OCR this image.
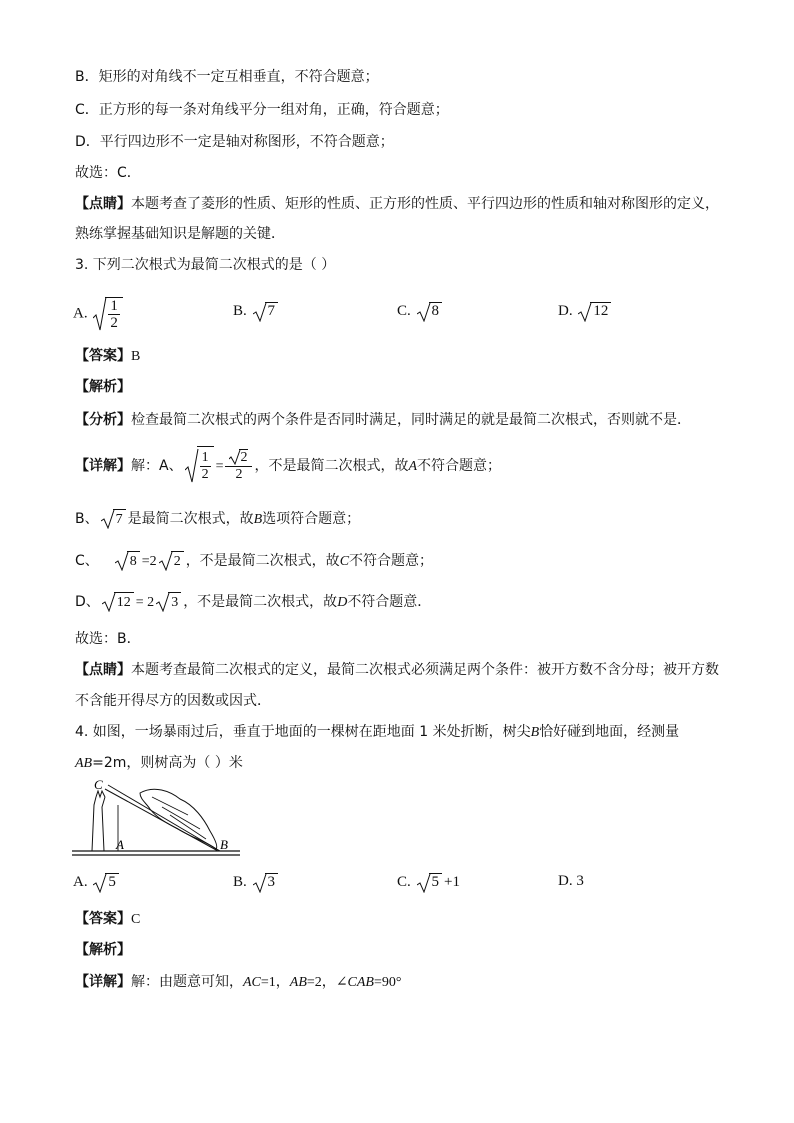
B．矩形的对角线不一定互相垂直，不符合题意；
C．正方形的每一条对角线平分一组对角，正确，符合题意；
D．平行四边形不一定是轴对称图形，不符合题意；
故选：C．
【点睛】本题考查了菱形的性质、矩形的性质、正方形的性质、平行四边形的性质和轴对称图形的定义，
熟练掌握基础知识是解题的关键．
3. 下列二次根式为最简二次根式的是（ ）
A. $\frac{1}{2}$	B. 7	C. 8	D. 12
【答案】B
【解析】
【分析】检查最简二次根式的两个条件是否同时满足，同时满足的就是最简二次根式，否则就不是．
【详解】解：A、 $\frac{1}{2} = \frac{2}{2}$ ，不是最简二次根式，故A不符合题意；
B、 7 是最简二次根式，故B选项符合题意；
C、 8 =2 2 ，不是最简二次根式，故C不符合题意；
D、 12 = 2 3 ，不是最简二次根式，故D不符合题意．
故选：B．
【点睛】本题考查最简二次根式的定义，最简二次根式必须满足两个条件：被开方数不含分母；被开方数
不含能开得尽方的因数或因式．
4. 如图，一场暴雨过后，垂直于地面的一棵树在距地面 1 米处折断，树尖B恰好碰到地面，经测量
AB=2m，则树高为（ ）米
C
A	B
A. 5	B. 3	C. 5 +1	D. 3
【答案】C
【解析】
【详解】解：由题意可知，AC=1，AB=2，∠CAB=90°
